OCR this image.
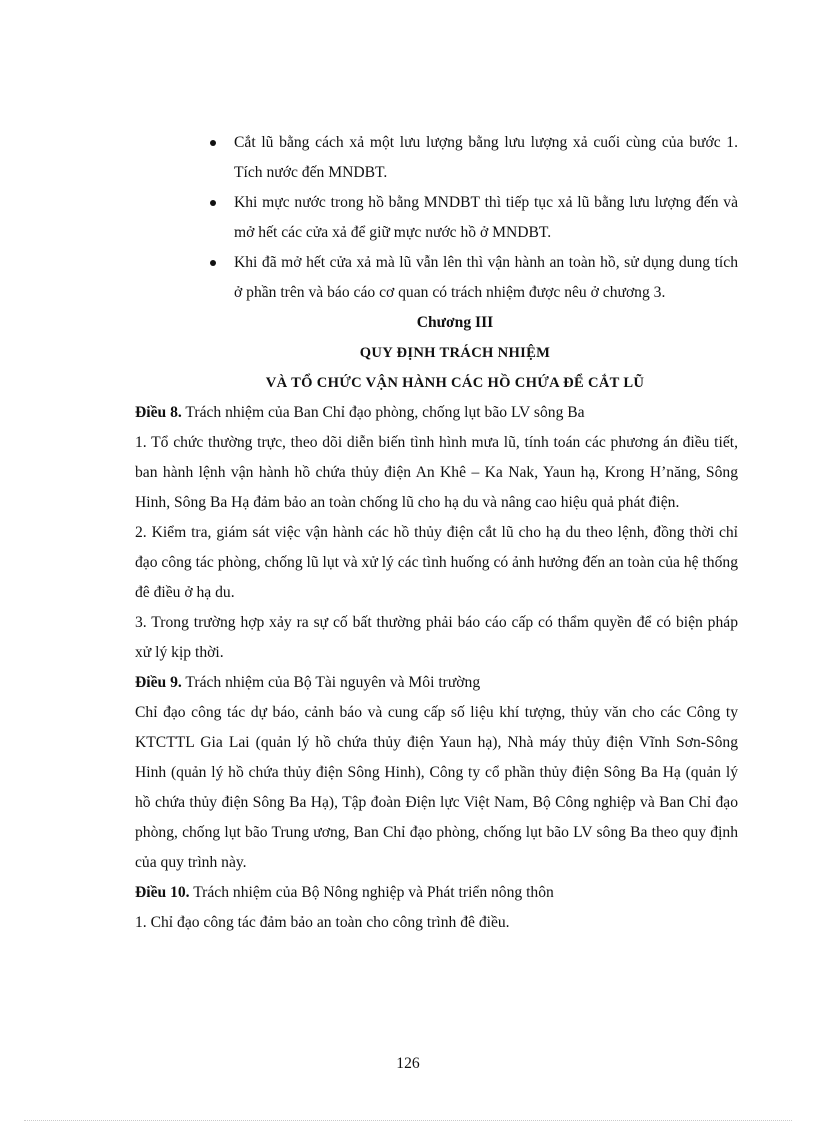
Cắt lũ bằng cách xả một lưu lượng bằng lưu lượng xả cuối cùng của bước 1. Tích nước đến MNDBT.
Khi mực nước trong hồ bằng MNDBT thì tiếp tục xả lũ bằng lưu lượng đến và mở hết các cửa xả để giữ mực nước hồ ở MNDBT.
Khi đã mở hết cửa xả mà lũ vẫn lên thì vận hành an toàn hồ, sử dụng dung tích ở phần trên và báo cáo cơ quan có trách nhiệm được nêu ở chương 3.

Chương III

QUY ĐỊNH TRÁCH NHIỆM

VÀ TỔ CHỨC VẬN HÀNH CÁC HỒ CHỨA ĐỂ CẮT LŨ

Điều 8. Trách nhiệm của Ban Chỉ đạo phòng, chống lụt bão LV sông Ba

1. Tổ chức thường trực, theo dõi diễn biến tình hình mưa lũ, tính toán các phương án điều tiết, ban hành lệnh vận hành hồ chứa thủy điện An Khê – Ka Nak, Yaun hạ, Krong H’năng, Sông Hinh, Sông Ba Hạ đảm bảo an toàn chống lũ cho hạ du và nâng cao hiệu quả phát điện.

2. Kiểm tra, giám sát việc vận hành các hồ thủy điện cắt lũ cho hạ du theo lệnh, đồng thời chỉ đạo công tác phòng, chống lũ lụt và xử lý các tình huống có ảnh hưởng đến an toàn của hệ thống đê điều ở hạ du.

3. Trong trường hợp xảy ra sự cố bất thường phải báo cáo cấp có thẩm quyền để có biện pháp xử lý kịp thời.

Điều 9. Trách nhiệm của Bộ Tài nguyên và Môi trường

Chỉ đạo công tác dự báo, cảnh báo và cung cấp số liệu khí tượng, thủy văn cho các Công ty KTCTTL Gia Lai (quản lý hồ chứa thủy điện Yaun hạ), Nhà máy thủy điện Vĩnh Sơn-Sông Hinh (quản lý hồ chứa thủy điện Sông Hinh), Công ty cổ phần thủy điện Sông Ba Hạ (quản lý hồ chứa thủy điện Sông Ba Hạ), Tập đoàn Điện lực Việt Nam, Bộ Công nghiệp và Ban Chỉ đạo phòng, chống lụt bão Trung ương, Ban Chỉ đạo phòng, chống lụt bão LV sông Ba theo quy định của quy trình này.

Điều 10. Trách nhiệm của Bộ Nông nghiệp và Phát triển nông thôn

1. Chỉ đạo công tác đảm bảo an toàn cho công trình đê điều.

126
